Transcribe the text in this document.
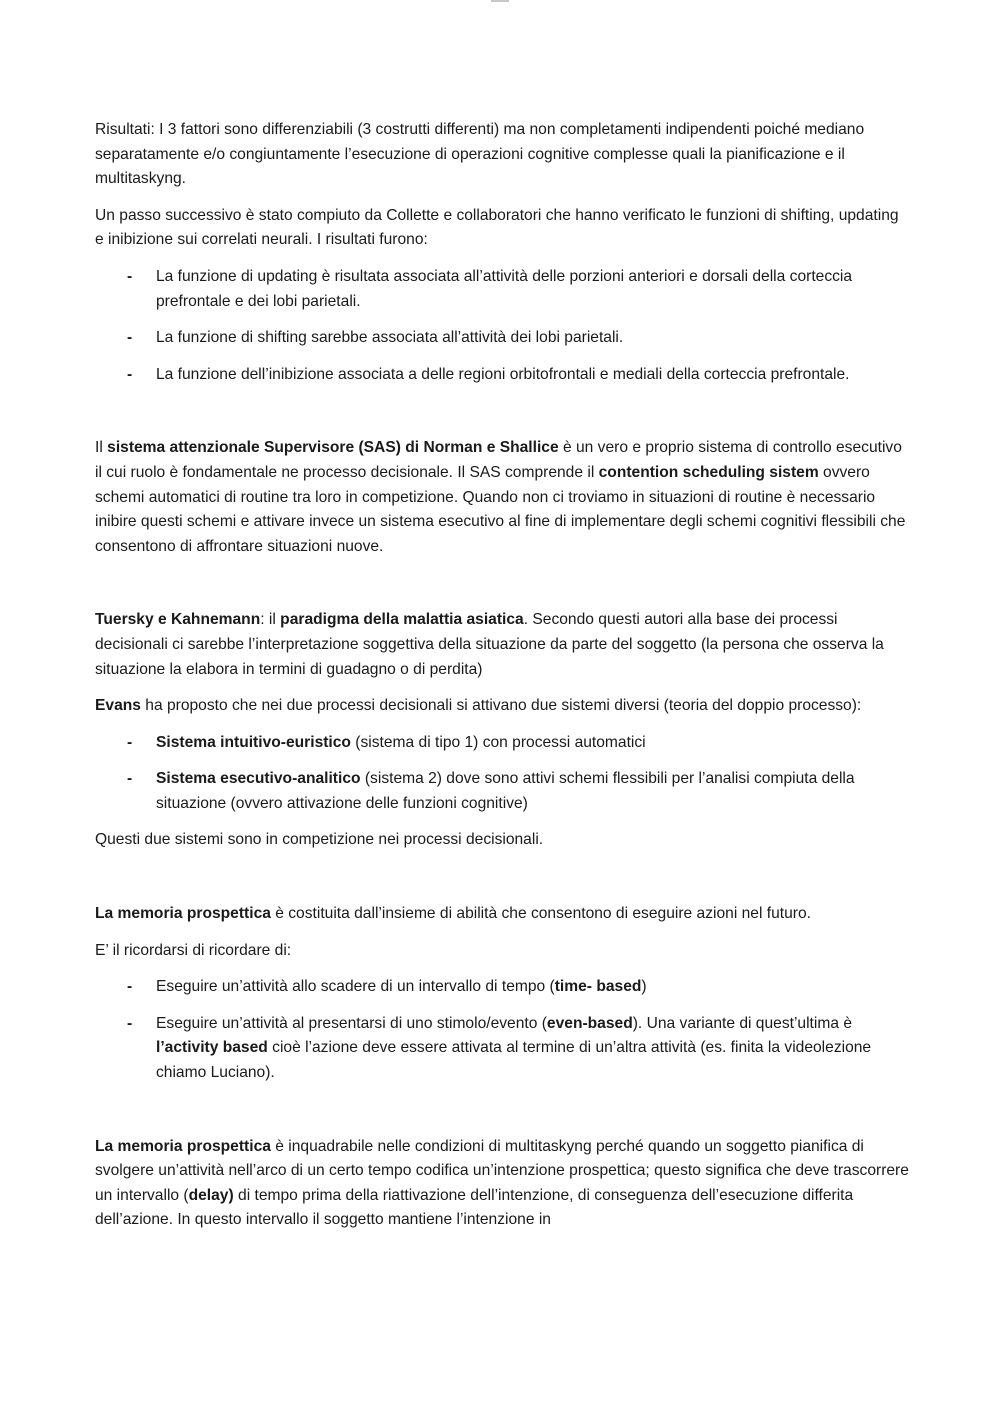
Risultati: I 3 fattori sono differenziabili (3 costrutti differenti) ma non completamenti indipendenti poiché mediano separatamente e/o congiuntamente l’esecuzione di operazioni cognitive complesse quali la pianificazione e il multitaskyng.

Un passo successivo è stato compiuto da Collette e collaboratori che hanno verificato le funzioni di shifting, updating e inibizione sui correlati neurali. I risultati furono:

- La funzione di updating è risultata associata all’attività delle porzioni anteriori e dorsali della corteccia prefrontale e dei lobi parietali.
- La funzione di shifting sarebbe associata all’attività dei lobi parietali.
- La funzione dell’inibizione associata a delle regioni orbitofrontali e mediali della corteccia prefrontale.

Il sistema attenzionale Supervisore (SAS) di Norman e Shallice è un vero e proprio sistema di controllo esecutivo il cui ruolo è fondamentale ne processo decisionale. Il SAS comprende il contention scheduling sistem ovvero schemi automatici di routine tra loro in competizione. Quando non ci troviamo in situazioni di routine è necessario inibire questi schemi e attivare invece un sistema esecutivo al fine di implementare degli schemi cognitivi flessibili che consentono di affrontare situazioni nuove.

Tuersky e Kahnemann: il paradigma della malattia asiatica. Secondo questi autori alla base dei processi decisionali ci sarebbe l’interpretazione soggettiva della situazione da parte del soggetto (la persona che osserva la situazione la elabora in termini di guadagno o di perdita)

Evans ha proposto che nei due processi decisionali si attivano due sistemi diversi (teoria del doppio processo):

- Sistema intuitivo-euristico (sistema di tipo 1) con processi automatici
- Sistema esecutivo-analitico (sistema 2) dove sono attivi schemi flessibili per l’analisi compiuta della situazione (ovvero attivazione delle funzioni cognitive)

Questi due sistemi sono in competizione nei processi decisionali.

La memoria prospettica è costituita dall’insieme di abilità che consentono di eseguire azioni nel futuro.

E’ il ricordarsi di ricordare di:

- Eseguire un’attività allo scadere di un intervallo di tempo (time- based)
- Eseguire un’attività al presentarsi di uno stimolo/evento (even-based). Una variante di quest’ultima è l’activity based cioè l’azione deve essere attivata al termine di un’altra attività (es. finita la videolezione chiamo Luciano).

La memoria prospettica è inquadrabile nelle condizioni di multitaskyng perché quando un soggetto pianifica di svolgere un’attività nell’arco di un certo tempo codifica un’intenzione prospettica; questo significa che deve trascorrere un intervallo (delay) di tempo prima della riattivazione dell’intenzione, di conseguenza dell’esecuzione differita dell’azione. In questo intervallo il soggetto mantiene l’intenzione in
